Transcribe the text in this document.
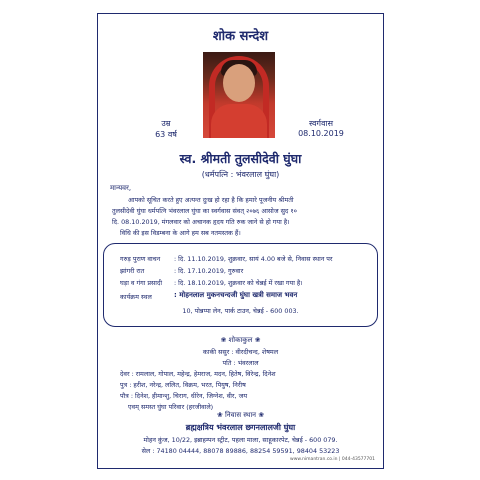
शोक सन्देश
उम्र
63 वर्ष
स्वर्गवास
08.10.2019
स्व. श्रीमती तुलसीदेवी घुंघा
(धर्मपत्नि : भंवरलाल घुंघा)
मान्यवर,
आपको सूचित करते हुए अत्यन्त दुःख हो रहा है कि हमारे पूजनीय श्रीमती
तुलसीदेवी घुंघा धर्मपत्नि भंवरलाल घुंघा का स्वर्गवास संवत् २०७६ आसोज सुद १०
दि. 08.10.2019, मंगलवार को अचानक हृदय गति रुक जाने से हो गया है।
विधि की इस विडम्बना के आगे हम सब नतमस्तक हैं।
गरुड़ पुराण वाचन : दि. 11.10.2019, शुक्रवार, सायं 4.00 बजे से, निवास स्थान पर
झांगरी रात	: दि. 17.10.2019, गुरुवार
घड़ा व गंगा प्रसादी : दि. 18.10.2019, शुक्रवार को चेन्नई में रखा गया है।
कार्यक्रम स्थल	: मोहनलाल मुकनचन्दजी घुंघा खत्री समाज भवन
10, पोन्नप्पा लेन, पार्क टाउन, चेन्नई - 600 003.
❀ शोकाकुल ❀
काकी ससुर : वीरदीचन्द, शेषमल
पति : भंवरलाल
देवर : रामलाल, गोपाल, महेन्द्र, हेमराज, मदन, हितेष, विरेन्द्र, दिनेश
पुत्र : हरीश, नरेन्द्र, ललित, विक्रम, भरत, पियुष, निरीष
पौत्र : दिनेश, हीमान्शु, चिराग, धीरेन, जिग्नेश, वीर, जय
एवम् समस्त घुंघा परिवार (हरजीवाले)
❀ निवास स्थान ❀
ब्रह्मक्षत्रिय भंवरलाल छगनलालजी घुंघा
मोहन कुंज, 10/22, इब्राहम्पन स्ट्रीट, पहला माला, साहूकारपेट, चेन्नई - 600 079.
सेल : 74180 04444, 88078 89886, 88254 59591, 98404 53223
www.nimantran.co.in | 044-43577701
